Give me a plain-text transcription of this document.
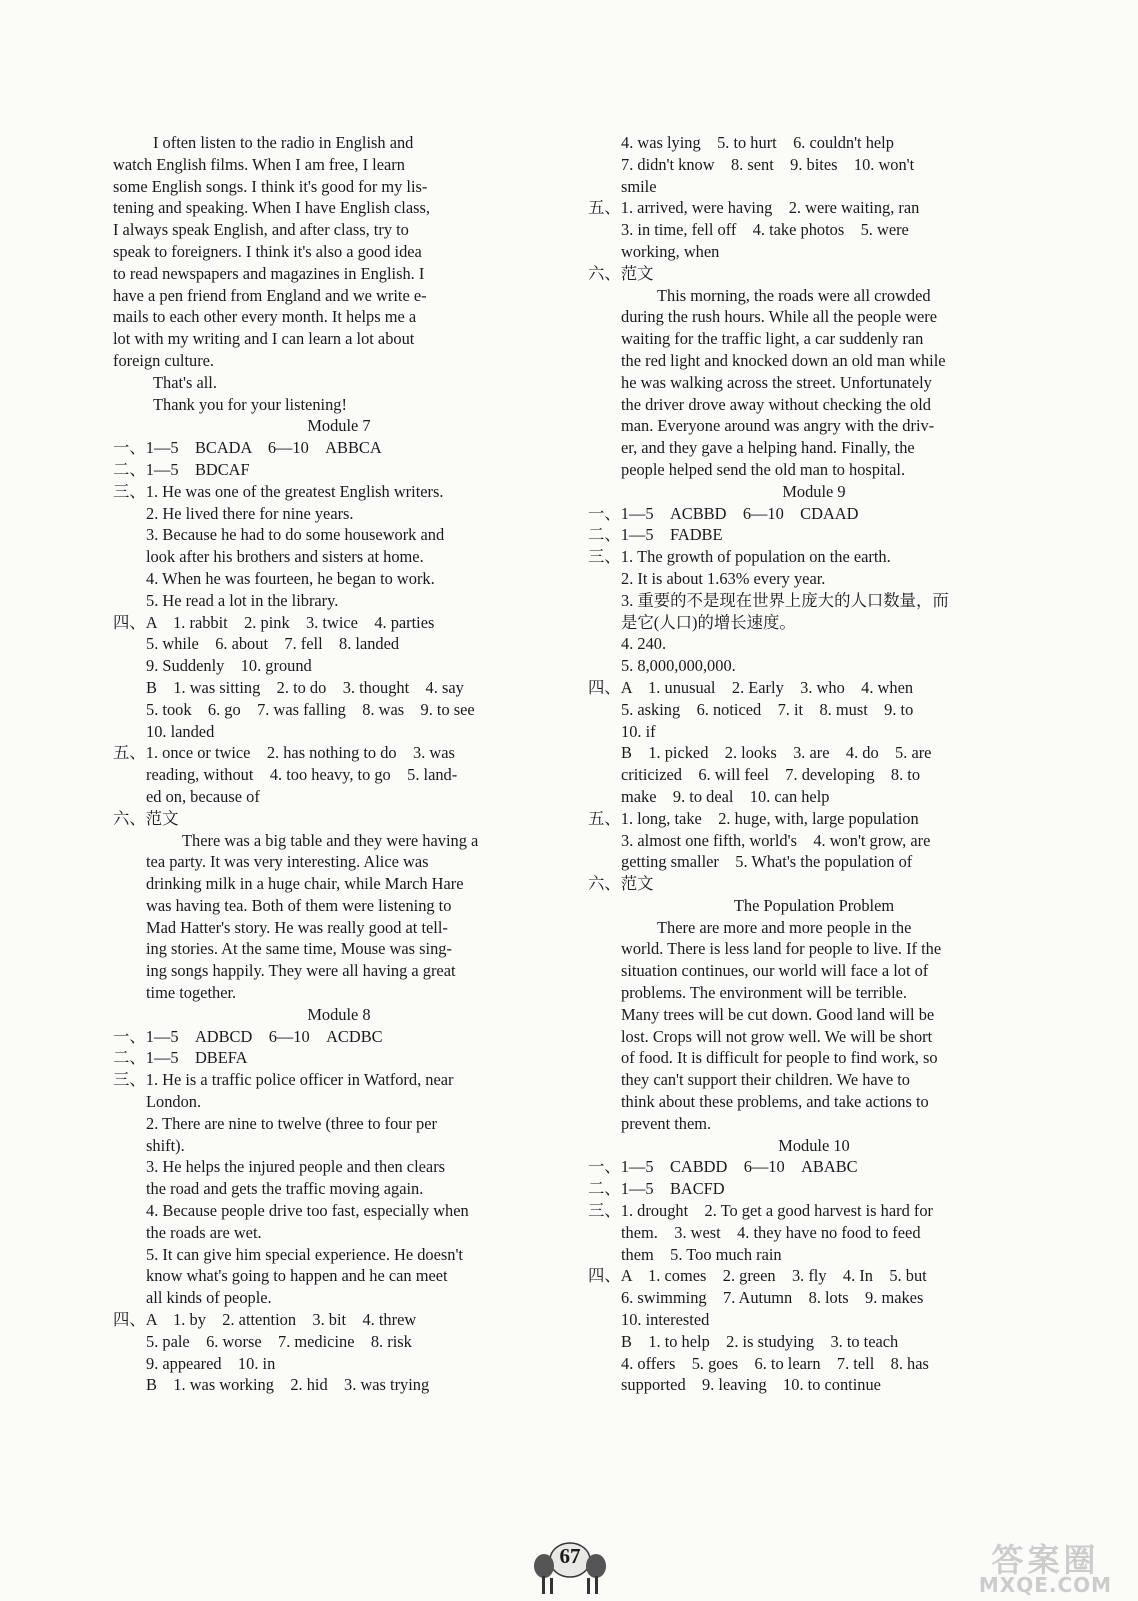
I often listen to the radio in English and
watch English films. When I am free, I learn
some English songs. I think it's good for my lis-
tening and speaking. When I have English class,
I always speak English, and after class, try to
speak to foreigners. I think it's also a good idea
to read newspapers and magazines in English. I
have a pen friend from England and we write e-
mails to each other every month. It helps me a
lot with my writing and I can learn a lot about
foreign culture.
That's all.
Thank you for your listening!
Module 7
一、1—5　BCADA　6—10　ABBCA
二、1—5　BDCAF
三、1. He was one of the greatest English writers.
2. He lived there for nine years.
3. Because he had to do some housework and
look after his brothers and sisters at home.
4. When he was fourteen, he began to work.
5. He read a lot in the library.
四、A　1. rabbit　2. pink　3. twice　4. parties
5. while　6. about　7. fell　8. landed
9. Suddenly　10. ground
B　1. was sitting　2. to do　3. thought　4. say
5. took　6. go　7. was falling　8. was　9. to see
10. landed
五、1. once or twice　2. has nothing to do　3. was
reading, without　4. too heavy, to go　5. land-
ed on, because of
六、范文
There was a big table and they were having a
tea party. It was very interesting. Alice was
drinking milk in a huge chair, while March Hare
was having tea. Both of them were listening to
Mad Hatter's story. He was really good at tell-
ing stories. At the same time, Mouse was sing-
ing songs happily. They were all having a great
time together.
Module 8
一、1—5　ADBCD　6—10　ACDBC
二、1—5　DBEFA
三、1. He is a traffic police officer in Watford, near
London.
2. There are nine to twelve (three to four per
shift).
3. He helps the injured people and then clears
the road and gets the traffic moving again.
4. Because people drive too fast, especially when
the roads are wet.
5. It can give him special experience. He doesn't
know what's going to happen and he can meet
all kinds of people.
四、A　1. by　2. attention　3. bit　4. threw
5. pale　6. worse　7. medicine　8. risk
9. appeared　10. in
B　1. was working　2. hid　3. was trying
4. was lying　5. to hurt　6. couldn't help
7. didn't know　8. sent　9. bites　10. won't
smile
五、1. arrived, were having　2. were waiting, ran
3. in time, fell off　4. take photos　5. were
working, when
六、范文
This morning, the roads were all crowded
during the rush hours. While all the people were
waiting for the traffic light, a car suddenly ran
the red light and knocked down an old man while
he was walking across the street. Unfortunately
the driver drove away without checking the old
man. Everyone around was angry with the driv-
er, and they gave a helping hand. Finally, the
people helped send the old man to hospital.
Module 9
一、1—5　ACBBD　6—10　CDAAD
二、1—5　FADBE
三、1. The growth of population on the earth.
2. It is about 1.63% every year.
3. 重要的不是现在世界上庞大的人口数量，而
是它(人口)的增长速度。
4. 240.
5. 8,000,000,000.
四、A　1. unusual　2. Early　3. who　4. when
5. asking　6. noticed　7. it　8. must　9. to
10. if
B　1. picked　2. looks　3. are　4. do　5. are
criticized　6. will feel　7. developing　8. to
make　9. to deal　10. can help
五、1. long, take　2. huge, with, large population
3. almost one fifth, world's　4. won't grow, are
getting smaller　5. What's the population of
六、范文
The Population Problem
There are more and more people in the
world. There is less land for people to live. If the
situation continues, our world will face a lot of
problems. The environment will be terrible.
Many trees will be cut down. Good land will be
lost. Crops will not grow well. We will be short
of food. It is difficult for people to find work, so
they can't support their children. We have to
think about these problems, and take actions to
prevent them.
Module 10
一、1—5　CABDD　6—10　ABABC
二、1—5　BACFD
三、1. drought　2. To get a good harvest is hard for
them.　3. west　4. they have no food to feed
them　5. Too much rain
四、A　1. comes　2. green　3. fly　4. In　5. but
6. swimming　7. Autumn　8. lots　9. makes
10. interested
B　1. to help　2. is studying　3. to teach
4. offers　5. goes　6. to learn　7. tell　8. has
supported　9. leaving　10. to continue
67	答案圈
MXQE.COM
